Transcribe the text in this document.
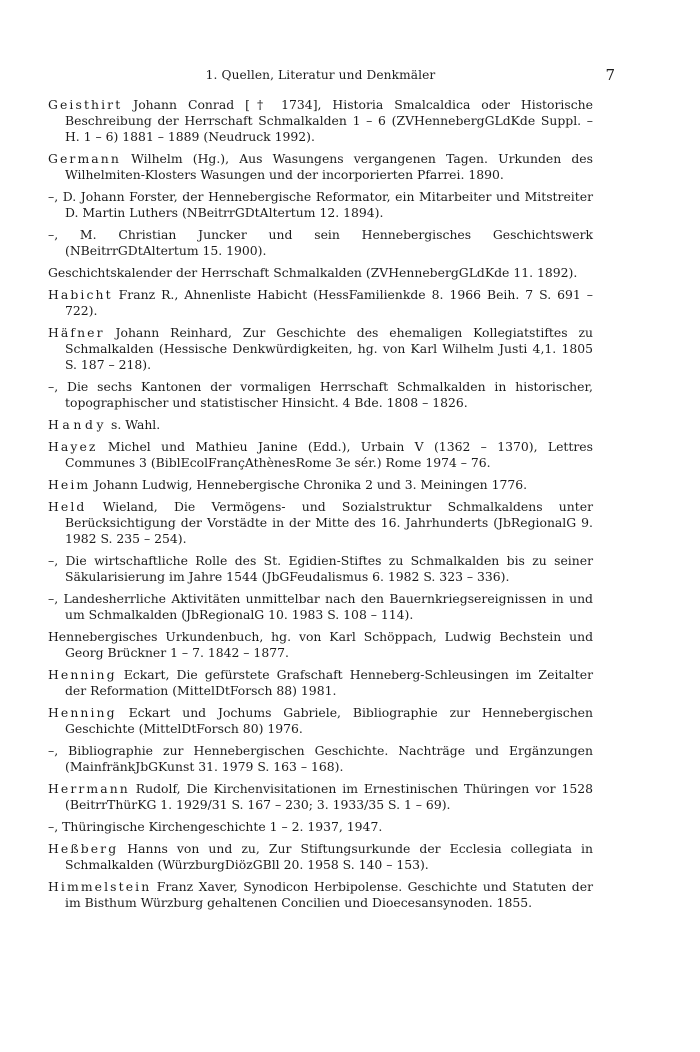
1. Quellen, Literatur und Denkmäler	7

Geisthirt Johann Conrad [† 1734], Historia Smalcaldica oder Historische Beschreibung der Herrschaft Schmalkalden 1 – 6 (ZVHennebergGLdKde Suppl. – H. 1 – 6) 1881 – 1889 (Neudruck 1992).

Germann Wilhelm (Hg.), Aus Wasungens vergangenen Tagen. Urkunden des Wilhelmiten-Klosters Wasungen und der incorporierten Pfarrei. 1890.

–, D. Johann Forster, der Hennebergische Reformator, ein Mitarbeiter und Mitstreiter D. Martin Luthers (NBeitrrGDtAltertum 12. 1894).

–, M. Christian Juncker und sein Hennebergisches Geschichtswerk (NBeitrrGDtAltertum 15. 1900).

Geschichtskalender der Herrschaft Schmalkalden (ZVHennebergGLdKde 11. 1892).

Habicht Franz R., Ahnenliste Habicht (HessFamilienkde 8. 1966 Beih. 7 S. 691 – 722).

Häfner Johann Reinhard, Zur Geschichte des ehemaligen Kollegiatstiftes zu Schmalkalden (Hessische Denkwürdigkeiten, hg. von Karl Wilhelm Justi 4,1. 1805 S. 187 – 218).

–, Die sechs Kantonen der vormaligen Herrschaft Schmalkalden in historischer, topographischer und statistischer Hinsicht. 4 Bde. 1808 – 1826.

Handy s. Wahl.

Hayez Michel und Mathieu Janine (Edd.), Urbain V (1362 – 1370), Lettres Communes 3 (BiblEcolFrançAthènesRome 3e sér.) Rome 1974 – 76.

Heim Johann Ludwig, Hennebergische Chronika 2 und 3. Meiningen 1776.

Held Wieland, Die Vermögens- und Sozialstruktur Schmalkaldens unter Berücksichtigung der Vorstädte in der Mitte des 16. Jahrhunderts (JbRegionalG 9. 1982 S. 235 – 254).

–, Die wirtschaftliche Rolle des St. Egidien-Stiftes zu Schmalkalden bis zu seiner Säkularisierung im Jahre 1544 (JbGFeudalismus 6. 1982 S. 323 – 336).

–, Landesherrliche Aktivitäten unmittelbar nach den Bauernkriegsereignissen in und um Schmalkalden (JbRegionalG 10. 1983 S. 108 – 114).

Hennebergisches Urkundenbuch, hg. von Karl Schöppach, Ludwig Bechstein und Georg Brückner 1 – 7. 1842 – 1877.

Henning Eckart, Die gefürstete Grafschaft Henneberg-Schleusingen im Zeitalter der Reformation (MittelDtForsch 88) 1981.

Henning Eckart und Jochums Gabriele, Bibliographie zur Hennebergischen Geschichte (MittelDtForsch 80) 1976.

–, Bibliographie zur Hennebergischen Geschichte. Nachträge und Ergänzungen (MainfränkJbGKunst 31. 1979 S. 163 – 168).

Herrmann Rudolf, Die Kirchenvisitationen im Ernestinischen Thüringen vor 1528 (BeitrrThürKG 1. 1929/31 S. 167 – 230; 3. 1933/35 S. 1 – 69).

–, Thüringische Kirchengeschichte 1 – 2. 1937, 1947.

Heßberg Hanns von und zu, Zur Stiftungsurkunde der Ecclesia collegiata in Schmalkalden (WürzburgDiözGBll 20. 1958 S. 140 – 153).

Himmelstein Franz Xaver, Synodicon Herbipolense. Geschichte und Statuten der im Bisthum Würzburg gehaltenen Concilien und Dioecesansynoden. 1855.
